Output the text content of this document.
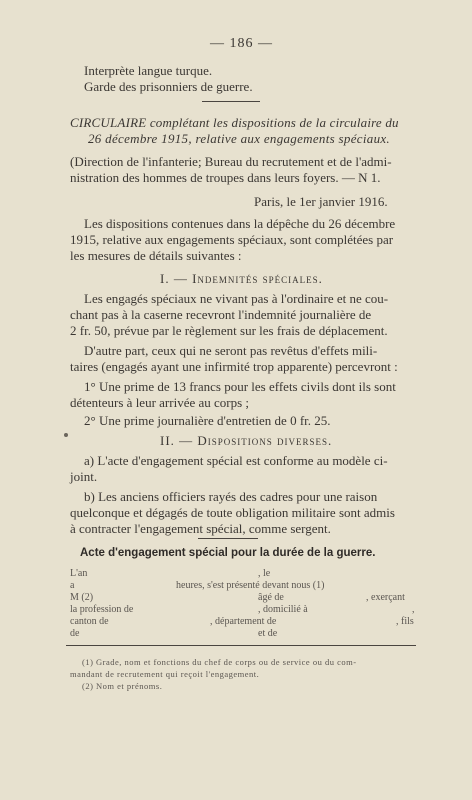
— 186 —
Interprète langue turque.
Garde des prisonniers de guerre.
CIRCULAIRE complétant les dispositions de la circulaire du
26 décembre 1915, relative aux engagements spéciaux.
(Direction de l'infanterie; Bureau du recrutement et de l'admi-
nistration des hommes de troupes dans leurs foyers. — N 1.
Paris, le 1er janvier 1916.
Les dispositions contenues dans la dépêche du 26 décembre
1915, relative aux engagements spéciaux, sont complétées par
les mesures de détails suivantes :
I. — Indemnités spéciales.
Les engagés spéciaux ne vivant pas à l'ordinaire et ne cou-
chant pas à la caserne recevront l'indemnité journalière de
2 fr. 50, prévue par le règlement sur les frais de déplacement.
D'autre part, ceux qui ne seront pas revêtus d'effets mili-
taires (engagés ayant une infirmité trop apparente) percevront :
1° Une prime de 13 francs pour les effets civils dont ils sont
détenteurs à leur arrivée au corps ;
2° Une prime journalière d'entretien de 0 fr. 25.
II. — Dispositions diverses.
a) L'acte d'engagement spécial est conforme au modèle ci-
joint.
b) Les anciens officiers rayés des cadres pour une raison
quelconque et dégagés de toute obligation militaire sont admis
à contracter l'engagement spécial, comme sergent.
Acte d'engagement spécial pour la durée de la guerre.
L'an	, le
a	heures, s'est présenté devant nous (1)
M (2)	âgé de	, exerçant
la profession de	, domicilié à	,
canton de	, département de	, fils
de	et de
(1) Grade, nom et fonctions du chef de corps ou de service ou du com-
mandant de recrutement qui reçoit l'engagement.
(2) Nom et prénoms.
